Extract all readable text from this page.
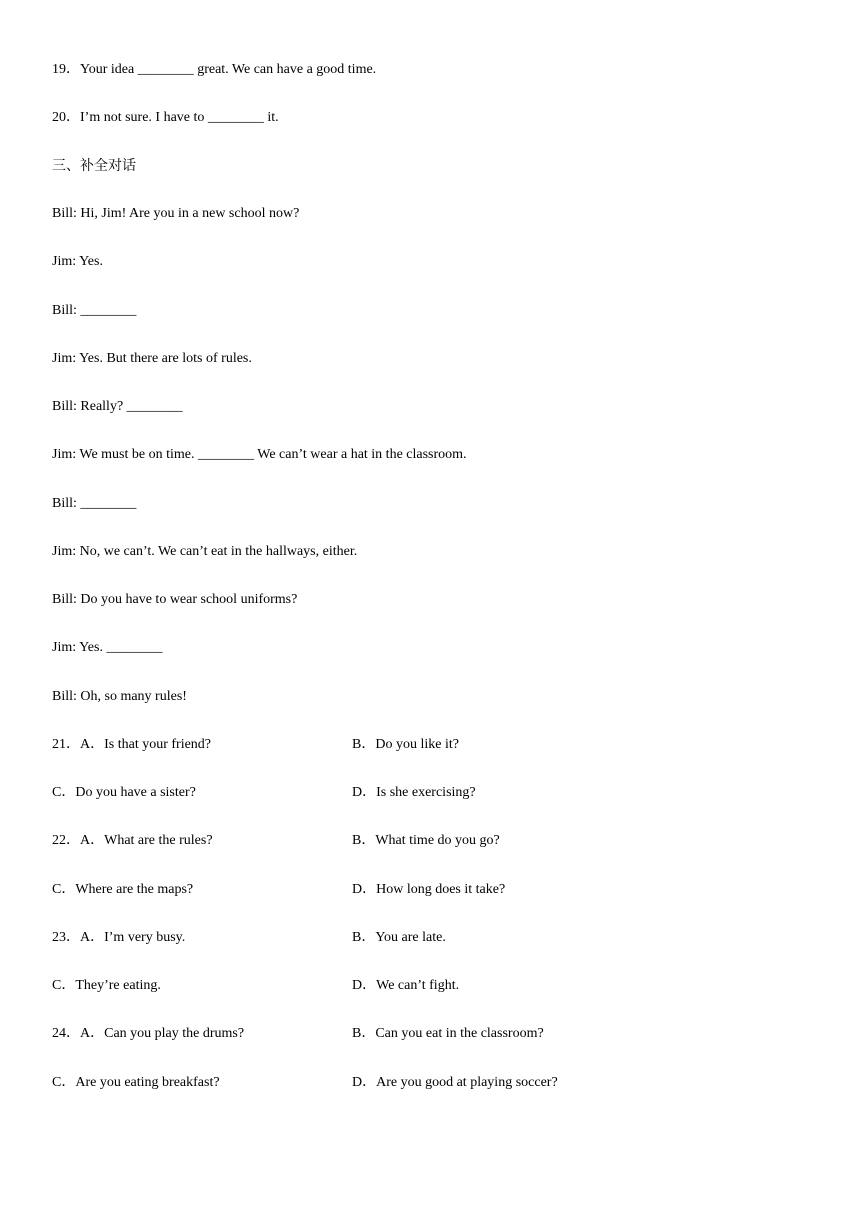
19．Your idea ________ great. We can have a good time.
20．I’m not sure. I have to ________ it.
三、补全对话
Bill: Hi, Jim! Are you in a new school now?
Jim: Yes.
Bill: ________
Jim: Yes. But there are lots of rules.
Bill: Really? ________
Jim: We must be on time. ________ We can’t wear a hat in the classroom.
Bill: ________
Jim: No, we can’t. We can’t eat in the hallways, either.
Bill: Do you have to wear school uniforms?
Jim: Yes. ________
Bill: Oh, so many rules!
21．A．Is that your friend?	B．Do you like it?
C．Do you have a sister?	D．Is she exercising?
22．A．What are the rules?	B．What time do you go?
C．Where are the maps?	D．How long does it take?
23．A．I’m very busy.	B．You are late.
C．They’re eating.	D．We can’t fight.
24．A．Can you play the drums?	B．Can you eat in the classroom?
C．Are you eating breakfast?	D．Are you good at playing soccer?
